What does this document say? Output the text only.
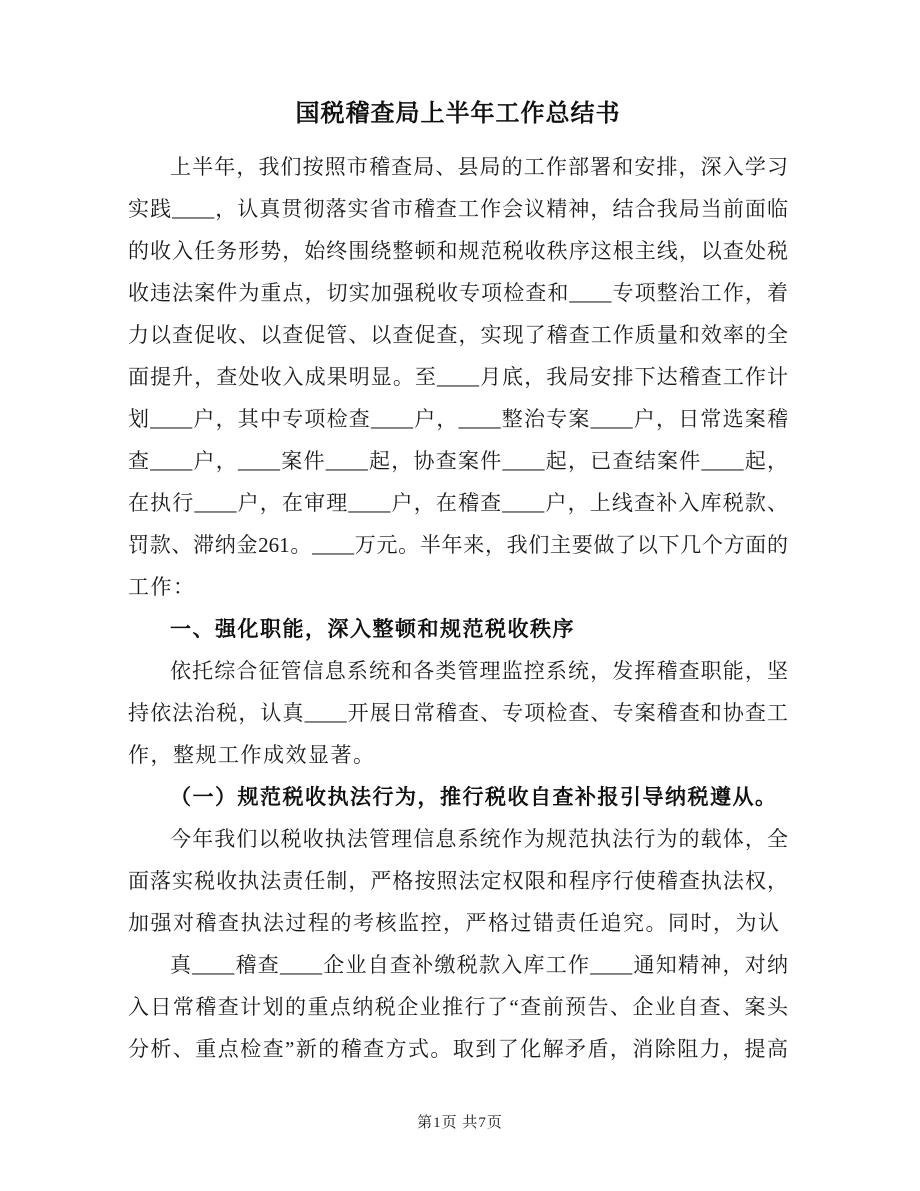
国税稽查局上半年工作总结书
上半年，我们按照市稽查局、县局的工作部署和安排，深入学习
实践____，认真贯彻落实省市稽查工作会议精神，结合我局当前面临
的收入任务形势，始终围绕整顿和规范税收秩序这根主线，以查处税
收违法案件为重点，切实加强税收专项检查和____专项整治工作，着
力以查促收、以查促管、以查促查，实现了稽查工作质量和效率的全
面提升，查处收入成果明显。至____月底，我局安排下达稽查工作计
划____户，其中专项检查____户，____整治专案____户，日常选案稽
查____户，____案件____起，协查案件____起，已查结案件____起，
在执行____户，在审理____户，在稽查____户，上线查补入库税款、
罚款、滞纳金261。____万元。半年来，我们主要做了以下几个方面的
工作：
一、强化职能，深入整顿和规范税收秩序
依托综合征管信息系统和各类管理监控系统，发挥稽查职能，坚
持依法治税，认真____开展日常稽查、专项检查、专案稽查和协查工
作，整规工作成效显著。
（一）规范税收执法行为，推行税收自查补报引导纳税遵从。
今年我们以税收执法管理信息系统作为规范执法行为的载体，全
面落实税收执法责任制，严格按照法定权限和程序行使稽查执法权，
加强对稽查执法过程的考核监控，严格过错责任追究。同时，为认
真____稽查____企业自查补缴税款入库工作____通知精神，对纳
入日常稽查计划的重点纳税企业推行了“查前预告、企业自查、案头
分析、重点检查”新的稽查方式。取到了化解矛盾，消除阻力，提高
第1页 共7页
